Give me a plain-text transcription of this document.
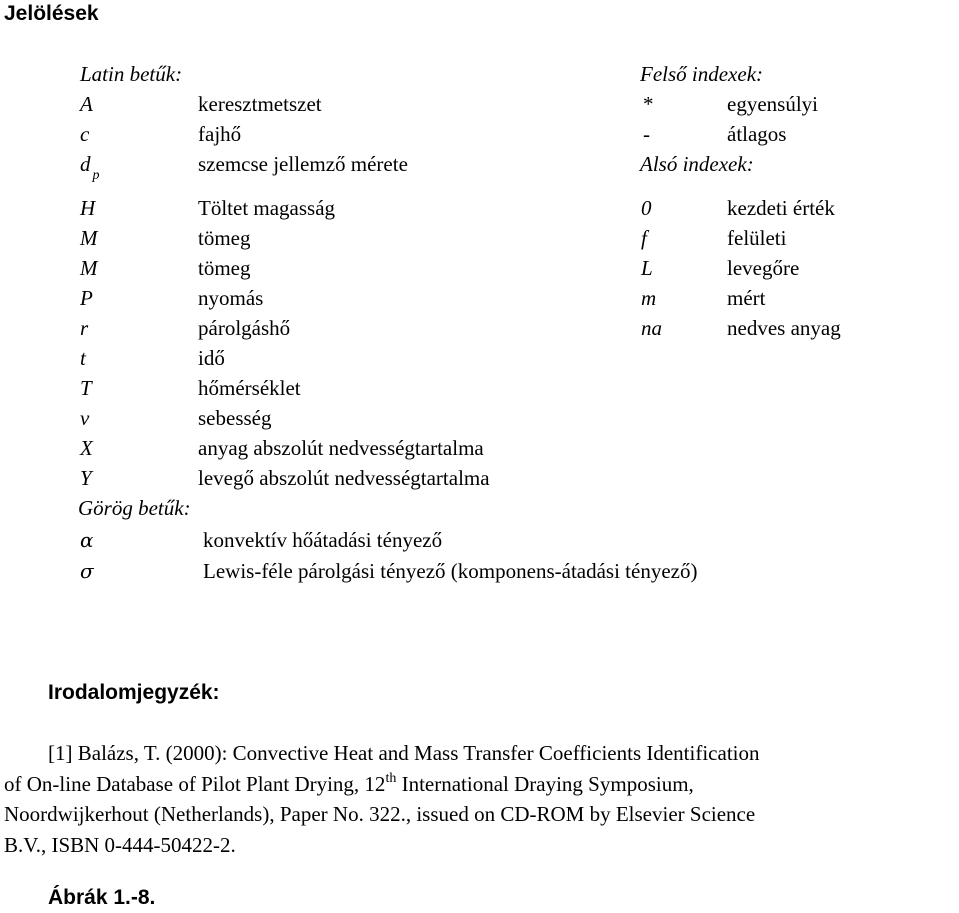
Jelölések
Latin betűk:
A	keresztmetszet
c	fajhő
d $_p$	szemcse jellemző mérete
H	Töltet magasság
M	tömeg
M	tömeg
P	nyomás
r	párolgáshő
t	idő
T	hőmérséklet
v	sebesség
X	anyag abszolút nedvességtartalma
Y	levegő abszolút nedvességtartalma
Görög betűk:
α	konvektív hőátadási tényező
σ	Lewis-féle párolgási tényező (komponens-átadási tényező)
Felső indexek:
*	egyensúlyi
-	átlagos
Alsó indexek:
0	kezdeti érték
f	felületi
L	levegőre
m	mért
na	nedves anyag
Irodalomjegyzék:
[1] Balázs, T. (2000): Convective Heat and Mass Transfer Coefficients Identification
of On-line Database of Pilot Plant Drying, 12th International Draying Symposium,
Noordwijkerhout (Netherlands), Paper No. 322., issued on CD-ROM by Elsevier Science
B.V., ISBN 0-444-50422-2.
Ábrák 1.-8.
